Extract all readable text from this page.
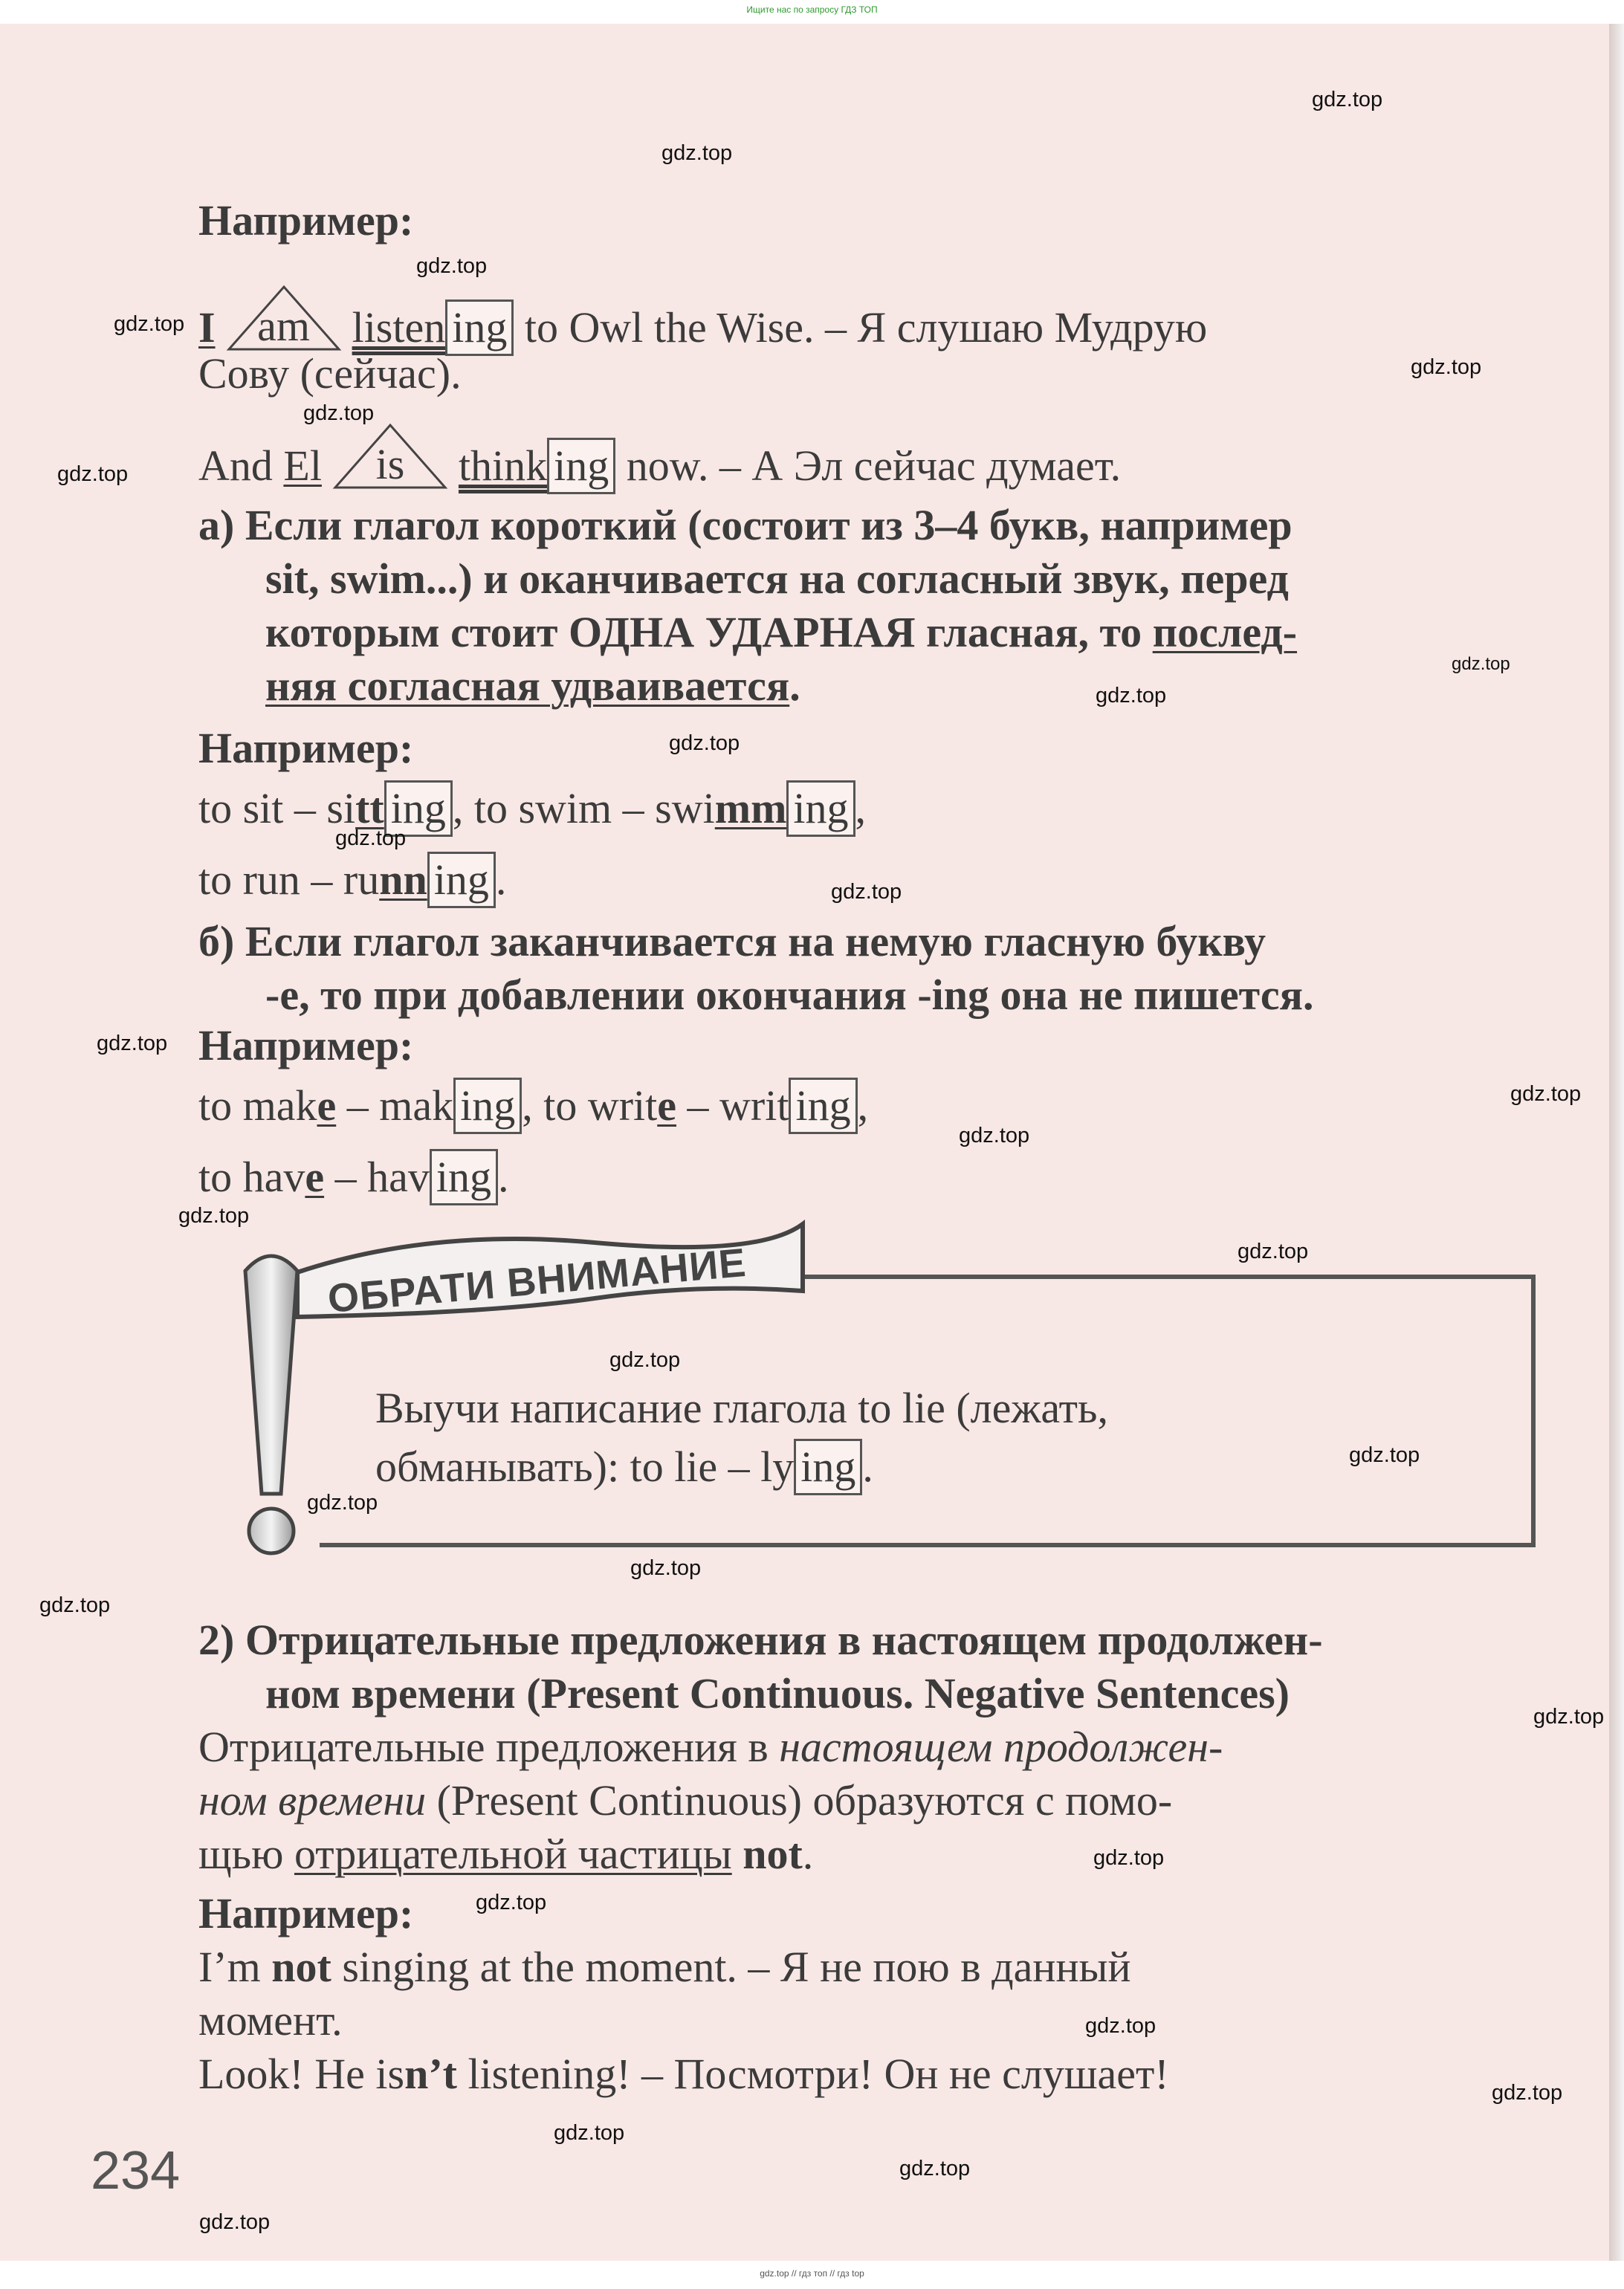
Ищите нас по запросу ГДЗ ТОП

Например:

I am listen ing to Owl the Wise. – Я слушаю Мудрую

Сову (сейчас).

And El	is	think ing now. – А Эл сейчас думает.

а) Если глагол короткий (состоит из 3–4 букв, например

sit, swim...) и оканчивается на согласный звук, перед

которым стоит ОДНА УДАРНАЯ гласная, то послед-

няя согласная удваивается.

Например:

to sit – sitt ing , to swim – swimm ing ,

to run – runn ing .

б) Если глагол заканчивается на немую гласную букву

-е, то при добавлении окончания -ing она не пишется.

Например:

to make – mak ing , to write – writ ing ,

to have – hav ing .

ОБРАТИ ВНИМАНИЕ

Выучи написание глагола to lie (лежать,

обманывать): to lie – ly ing .

2) Отрицательные предложения в настоящем продолжен-

ном времени (Present Continuous. Negative Sentences)

Отрицательные предложения в настоящем продолжен-

ном времени (Present Continuous) образуются с помо-

щью отрицательной частицы not.

Например:

I’m not singing at the moment. – Я не пою в данный

момент.

Look! He isn’t listening! – Посмотри! Он не слушает!

234
gdz.top
gdz.top
gdz.top
gdz.top
gdz.top
gdz.top
gdz.top
gdz.top
gdz.top
gdz.top
gdz.top
gdz.top
gdz.top
gdz.top
gdz.top
gdz.top
gdz.top
gdz.top
gdz.top
gdz.top
gdz.top
gdz.top
gdz.top
gdz.top
gdz.top
gdz.top
gdz.top
gdz.top
gdz.top
gdz.top
gdz.top // гдз топ // гдз top
